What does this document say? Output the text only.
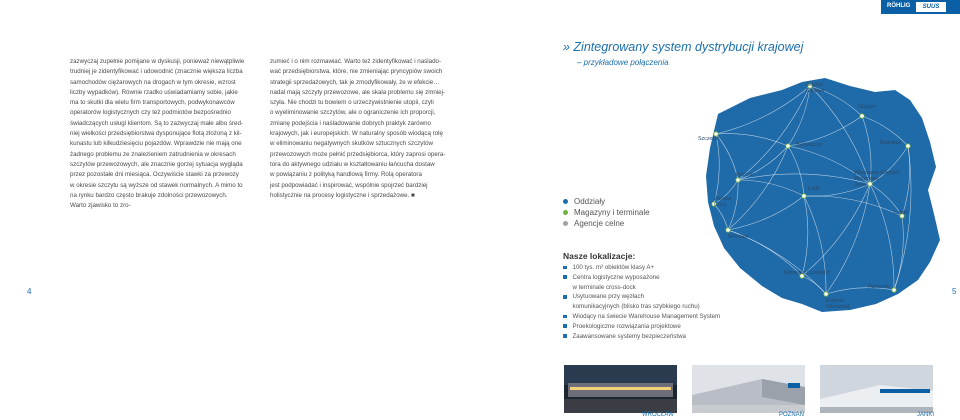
RÖHLIG	SUUS
zazwyczaj zupełnie pomijane w dyskusji, ponieważ niewątpliwie
trudniej je zidentyfikować i udowodnić (znacznie większa liczba
samochodów ciężarowych na drogach w tym okresie, wzrost
liczby wypadków). Równie rzadko uświadamiamy sobie, jakie
ma to skutki dla wielu firm transportowych, podwykonawców
operatorów logistycznych czy też podmiotów bezpośrednio
świadczących usługi klientom. Są to zazwyczaj małe albo śred-
niej wielkości przedsiębiorstwa dysponujące flotą złożoną z kil-
kunastu lub kilkudziesięciu pojazdów. Wprawdzie nie mają one
żadnego problemu ze znalezieniem zatrudnienia w okresach
szczytów przewozowych, ale znacznie gorzej sytuacja wygląda
przez pozostałe dni miesiąca. Oczywiście stawki za przewozy
w okresie szczytu są wyższe od stawek normalnych. A mimo to
na rynku bardzo często brakuje zdolności przewozowych.
Warto zjawisko to zro-
zumieć i o nim rozmawiać. Warto też zidentyfikować i naślado-
wać przedsiębiorstwa, które, nie zmieniając pryncypiów swoich
strategii sprzedażowych, tak je zmodyfikowały, że w efekcie…
nadal mają szczyty przewozowe, ale skala problemu się zmniej-
szyła. Nie chodzi tu bowiem o urzeczywistnienie utopii, czyli
o wyeliminowanie szczytów, ale o ograniczenie ich proporcji,
zmianę podejścia i naśladowanie dobrych praktyk zarówno
krajowych, jak i europejskich. W naturalny sposób wiodącą rolę
w eliminowaniu negatywnych skutków sztucznych szczytów
przewozowych może pełnić przedsiębiorca, który zaprosi opera-
tora do aktywnego udziału w kształtowaniu łańcucha dostaw
w powiązaniu z polityką handlową firmy. Rolą operatora
jest podpowiadać i inspirować, wspólnie spojrzeć bardziej
holistycznie na procesy logistyczne i sprzedażowe. ■
4	5
» Zintegrowany system dystrybucji krajowej
– przykładowe połączenia
Oddziały
Magazyny i terminale
Agencje celne
Gdynia
Gdańsk
Olsztyn
Szczecin
Bydgoszcz	Białystok
Poznań	Warszawa (Okęcie)
Warszawa
Janki
Zielona
Góra
Łódź
Wrocław
Lublin
Katowice (Czeladź)
Kraków
(Skawina)
Rzeszów
Nasze lokalizacje:
100 tys. m² obiektów klasy A+
Centra logistyczne wyposażone
w terminale cross-dock
Usytuowane przy węzłach
komunikacyjnych (blisko tras szybkiego ruchu)
Wiodący na świecie Warehouse Management System
Proekologiczne rozwiązania projektowe
Zaawansowane systemy bezpieczeństwa
WROCŁAW	POZNAŃ	JANKI
